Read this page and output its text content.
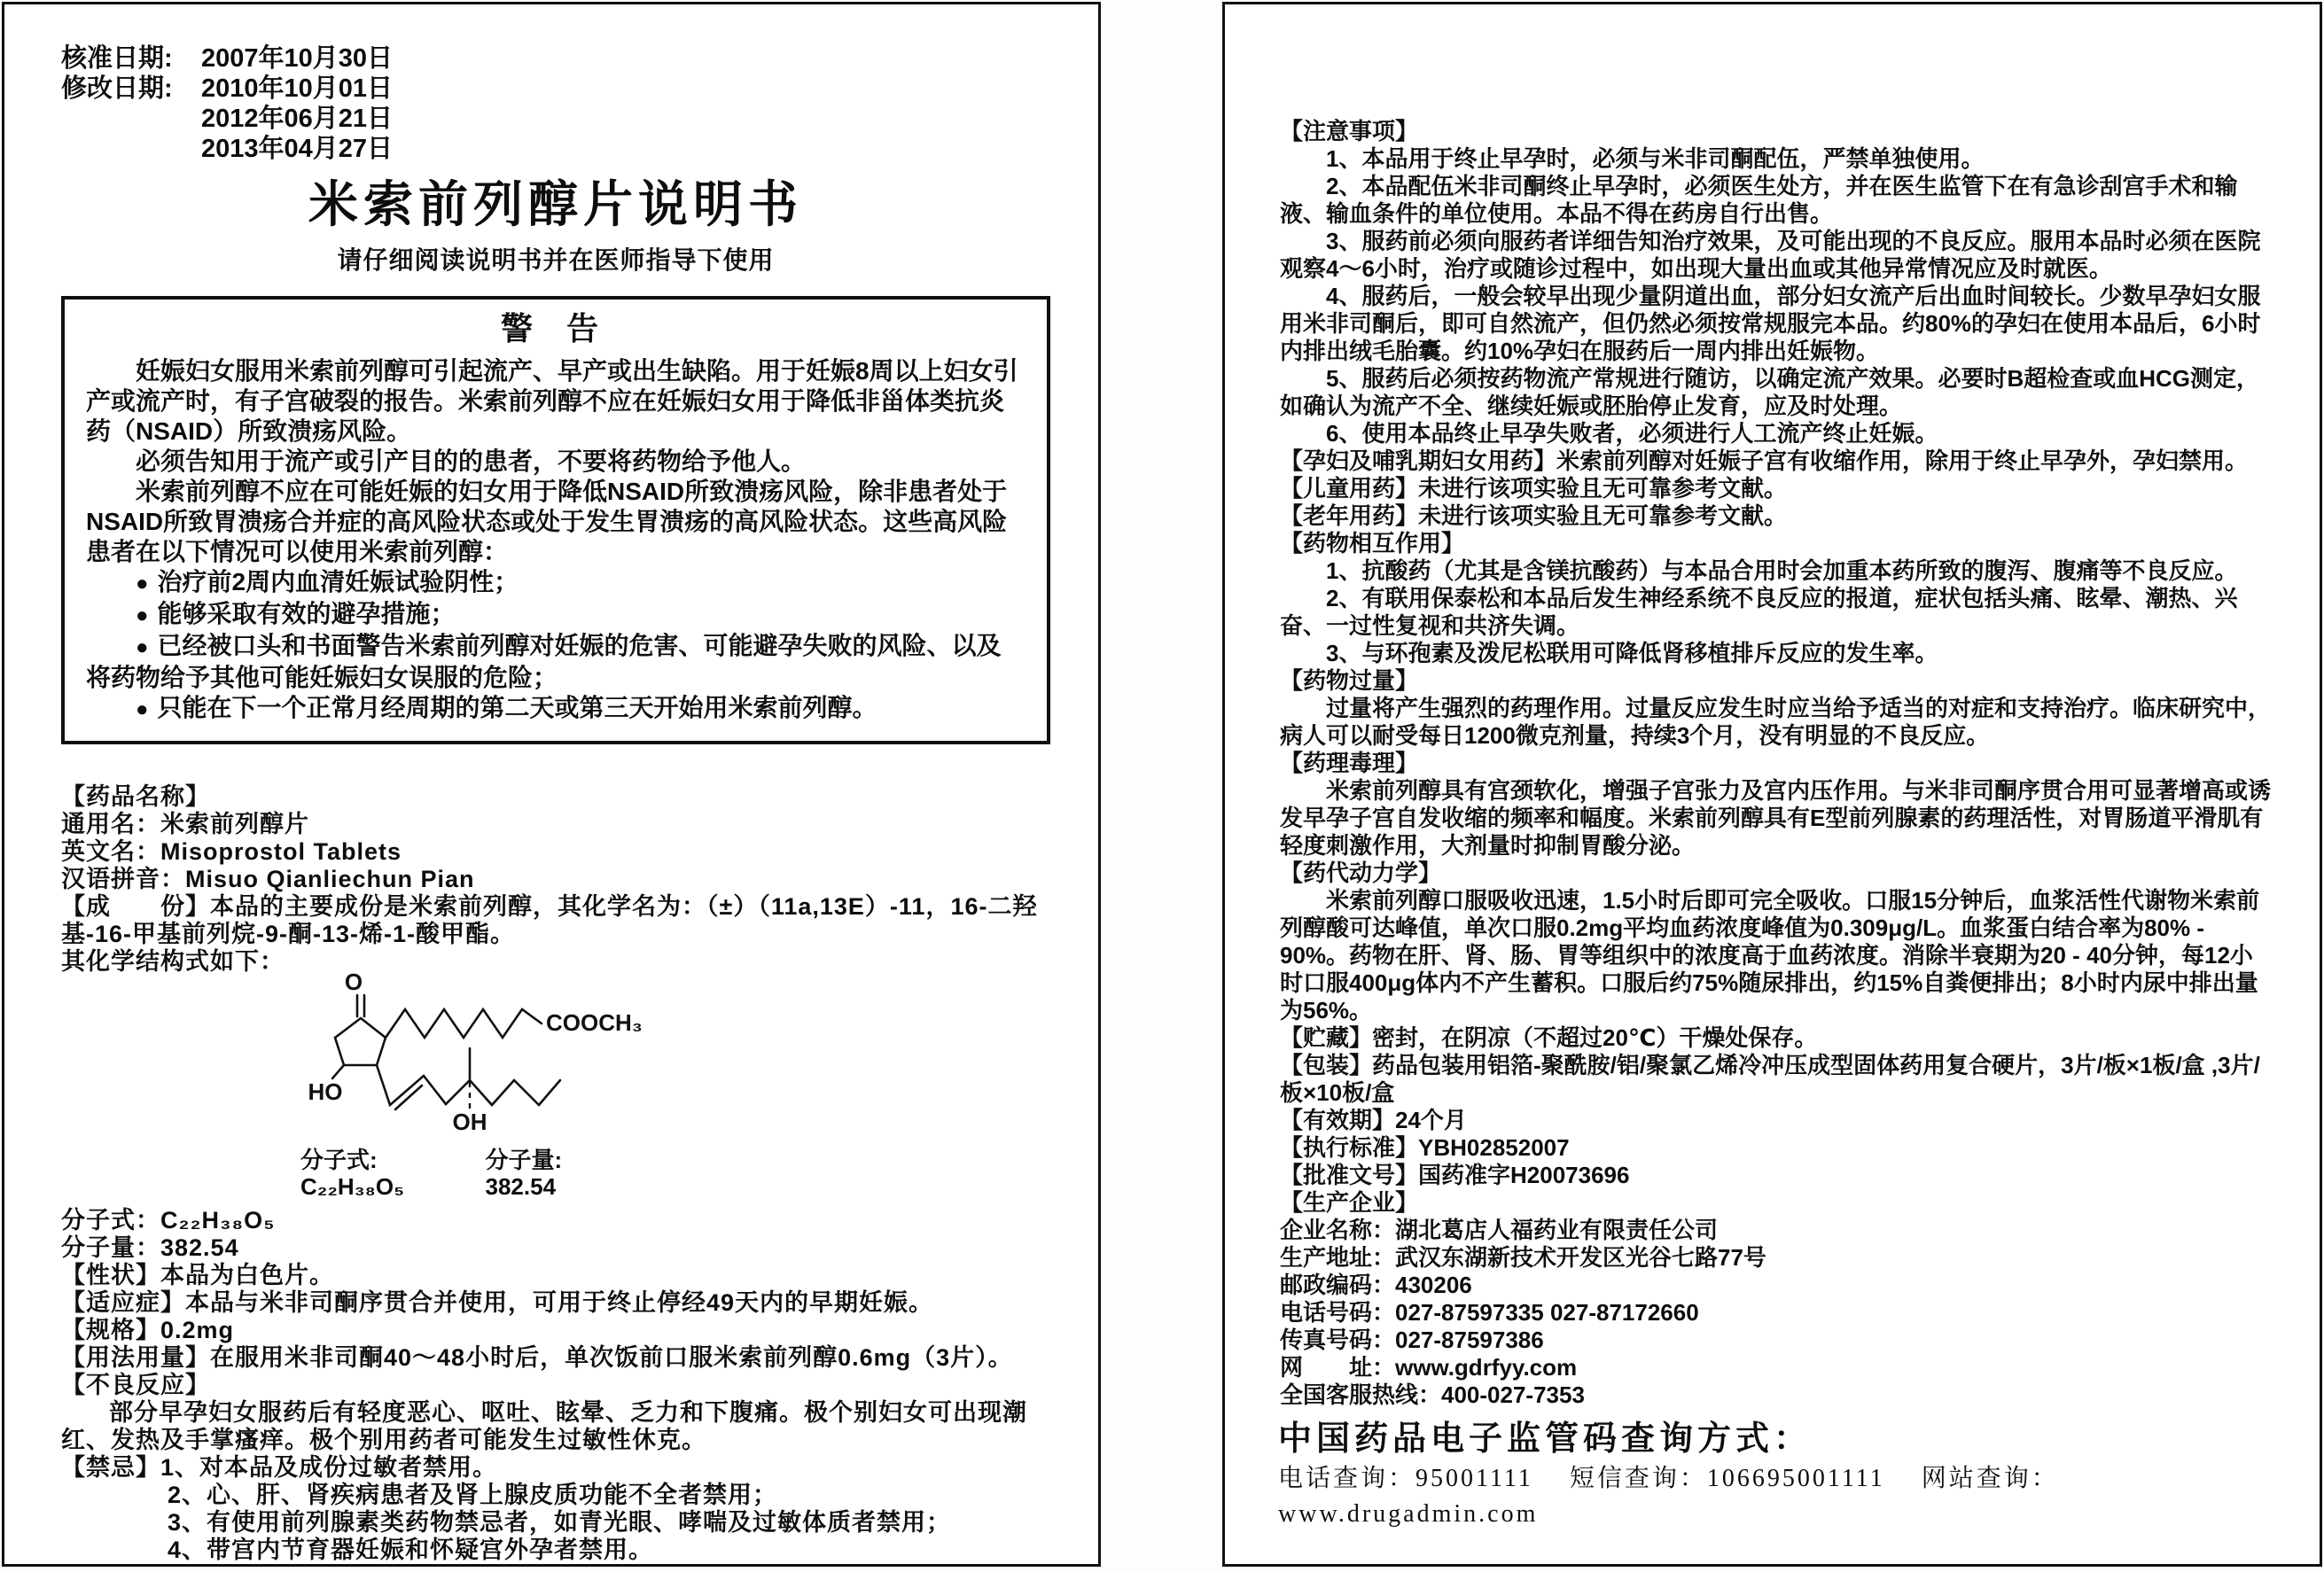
核准日期:	2007年10月30日
修改日期:	2010年10月01日
2012年06月21日
2013年04月27日
米索前列醇片说明书
请仔细阅读说明书并在医师指导下使用
警 告

妊娠妇女服用米索前列醇可引起流产、早产或出生缺陷。用于妊娠8周以上妇女引产或流产时，有子宫破裂的报告。米索前列醇不应在妊娠妇女用于降低非甾体类抗炎药（NSAID）所致溃疡风险。

必须告知用于流产或引产目的的患者，不要将药物给予他人。

米索前列醇不应在可能妊娠的妇女用于降低NSAID所致溃疡风险，除非患者处于NSAID所致胃溃疡合并症的高风险状态或处于发生胃溃疡的高风险状态。这些高风险患者在以下情况可以使用米索前列醇：

● 治疗前2周内血清妊娠试验阴性；

● 能够采取有效的避孕措施；

● 已经被口头和书面警告米索前列醇对妊娠的危害、可能避孕失败的风险、以及将药物给予其他可能妊娠妇女误服的危险；

● 只能在下一个正常月经周期的第二天或第三天开始用米索前列醇。

【药品名称】
通用名：米索前列醇片
英文名：Misoprostol Tablets
汉语拼音：Misuo Qianliechun Pian
【成　　份】本品的主要成份是米索前列醇，其化学名为：（±）（11a,13E）-11，16-二羟基-16-甲基前列烷-9-酮-13-烯-1-酸甲酯。
其化学结构式如下：
O
HO
COOCH₃
OH
分子式: C₂₂H₃₈O₅
分子量: 382.54
分子式：C₂₂H₃₈O₅
分子量：382.54
【性状】本品为白色片。
【适应症】本品与米非司酮序贯合并使用，可用于终止停经49天内的早期妊娠。
【规格】0.2mg
【用法用量】在服用米非司酮40～48小时后，单次饭前口服米索前列醇0.6mg（3片）。
【不良反应】
部分早孕妇女服药后有轻度恶心、呕吐、眩晕、乏力和下腹痛。极个别妇女可出现潮红、发热及手掌瘙痒。极个别用药者可能发生过敏性休克。
【禁忌】1、对本品及成份过敏者禁用。
2、心、肝、肾疾病患者及肾上腺皮质功能不全者禁用；
3、有使用前列腺素类药物禁忌者，如青光眼、哮喘及过敏体质者禁用；
4、带宫内节育器妊娠和怀疑宫外孕者禁用。
【注意事项】

1、本品用于终止早孕时，必须与米非司酮配伍，严禁单独使用。

2、本品配伍米非司酮终止早孕时，必须医生处方，并在医生监管下在有急诊刮宫手术和输液、输血条件的单位使用。本品不得在药房自行出售。

3、服药前必须向服药者详细告知治疗效果，及可能出现的不良反应。服用本品时必须在医院观察4～6小时，治疗或随诊过程中，如出现大量出血或其他异常情况应及时就医。

4、服药后，一般会较早出现少量阴道出血，部分妇女流产后出血时间较长。少数早孕妇女服用米非司酮后，即可自然流产，但仍然必须按常规服完本品。约80%的孕妇在使用本品后，6小时内排出绒毛胎囊。约10%孕妇在服药后一周内排出妊娠物。

5、服药后必须按药物流产常规进行随访，以确定流产效果。必要时B超检查或血HCG测定，如确认为流产不全、继续妊娠或胚胎停止发育，应及时处理。

6、使用本品终止早孕失败者，必须进行人工流产终止妊娠。

【孕妇及哺乳期妇女用药】米索前列醇对妊娠子宫有收缩作用，除用于终止早孕外，孕妇禁用。
【儿童用药】未进行该项实验且无可靠参考文献。
【老年用药】未进行该项实验且无可靠参考文献。
【药物相互作用】

1、抗酸药（尤其是含镁抗酸药）与本品合用时会加重本药所致的腹泻、腹痛等不良反应。

2、有联用保泰松和本品后发生神经系统不良反应的报道，症状包括头痛、眩晕、潮热、兴奋、一过性复视和共济失调。

3、与环孢素及泼尼松联用可降低肾移植排斥反应的发生率。

【药物过量】

过量将产生强烈的药理作用。过量反应发生时应当给予适当的对症和支持治疗。临床研究中，病人可以耐受每日1200微克剂量，持续3个月，没有明显的不良反应。

【药理毒理】

米索前列醇具有宫颈软化，增强子宫张力及宫内压作用。与米非司酮序贯合用可显著增高或诱发早孕子宫自发收缩的频率和幅度。米索前列醇具有E型前列腺素的药理活性，对胃肠道平滑肌有轻度刺激作用，大剂量时抑制胃酸分泌。

【药代动力学】

米索前列醇口服吸收迅速，1.5小时后即可完全吸收。口服15分钟后，血浆活性代谢物米索前列醇酸可达峰值，单次口服0.2mg平均血药浓度峰值为0.309μg/L。血浆蛋白结合率为80% - 90%。药物在肝、肾、肠、胃等组织中的浓度高于血药浓度。消除半衰期为20 - 40分钟，每12小时口服400μg体内不产生蓄积。口服后约75%随尿排出，约15%自粪便排出；8小时内尿中排出量为56%。

【贮藏】密封，在阴凉（不超过20℃）干燥处保存。
【包装】药品包装用铝箔-聚酰胺/铝/聚氯乙烯冷冲压成型固体药用复合硬片，3片/板×1板/盒 ,3片/板×10板/盒
【有效期】24个月
【执行标准】YBH02852007
【批准文号】国药准字H20073696
【生产企业】
企业名称：湖北葛店人福药业有限责任公司
生产地址：武汉东湖新技术开发区光谷七路77号
邮政编码：430206
电话号码：027-87597335 027-87172660
传真号码：027-87597386
网　　址：www.gdrfyy.com
全国客服热线：400-027-7353
中国药品电子监管码查询方式：
电话查询：95001111　 短信查询：106695001111　 网站查询：www.drugadmin.com
